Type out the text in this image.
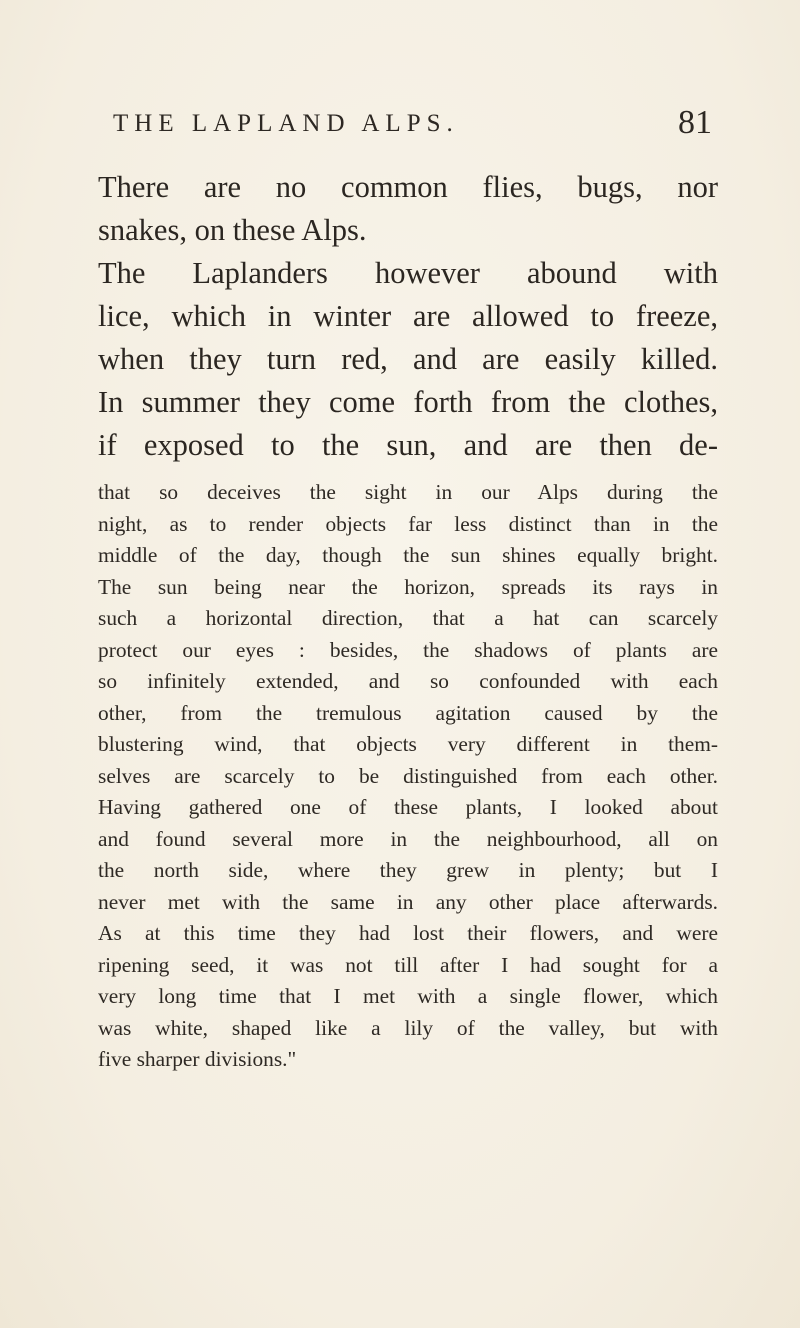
THE LAPLAND ALPS.	81
There are no common flies, bugs, nor
snakes, on these Alps.
The Laplanders however abound with
lice, which in winter are allowed to freeze,
when they turn red, and are easily killed.
In summer they come forth from the clothes,
if exposed to the sun, and are then de-
that so deceives the sight in our Alps during the
night, as to render objects far less distinct than in the
middle of the day, though the sun shines equally bright.
The sun being near the horizon, spreads its rays in
such a horizontal direction, that a hat can scarcely
protect our eyes : besides, the shadows of plants are
so infinitely extended, and so confounded with each
other, from the tremulous agitation caused by the
blustering wind, that objects very different in them-
selves are scarcely to be distinguished from each other.
Having gathered one of these plants, I looked about
and found several more in the neighbourhood, all on
the north side, where they grew in plenty; but I
never met with the same in any other place afterwards.
As at this time they had lost their flowers, and were
ripening seed, it was not till after I had sought for a
very long time that I met with a single flower, which
was white, shaped like a lily of the valley, but with
five sharper divisions."
